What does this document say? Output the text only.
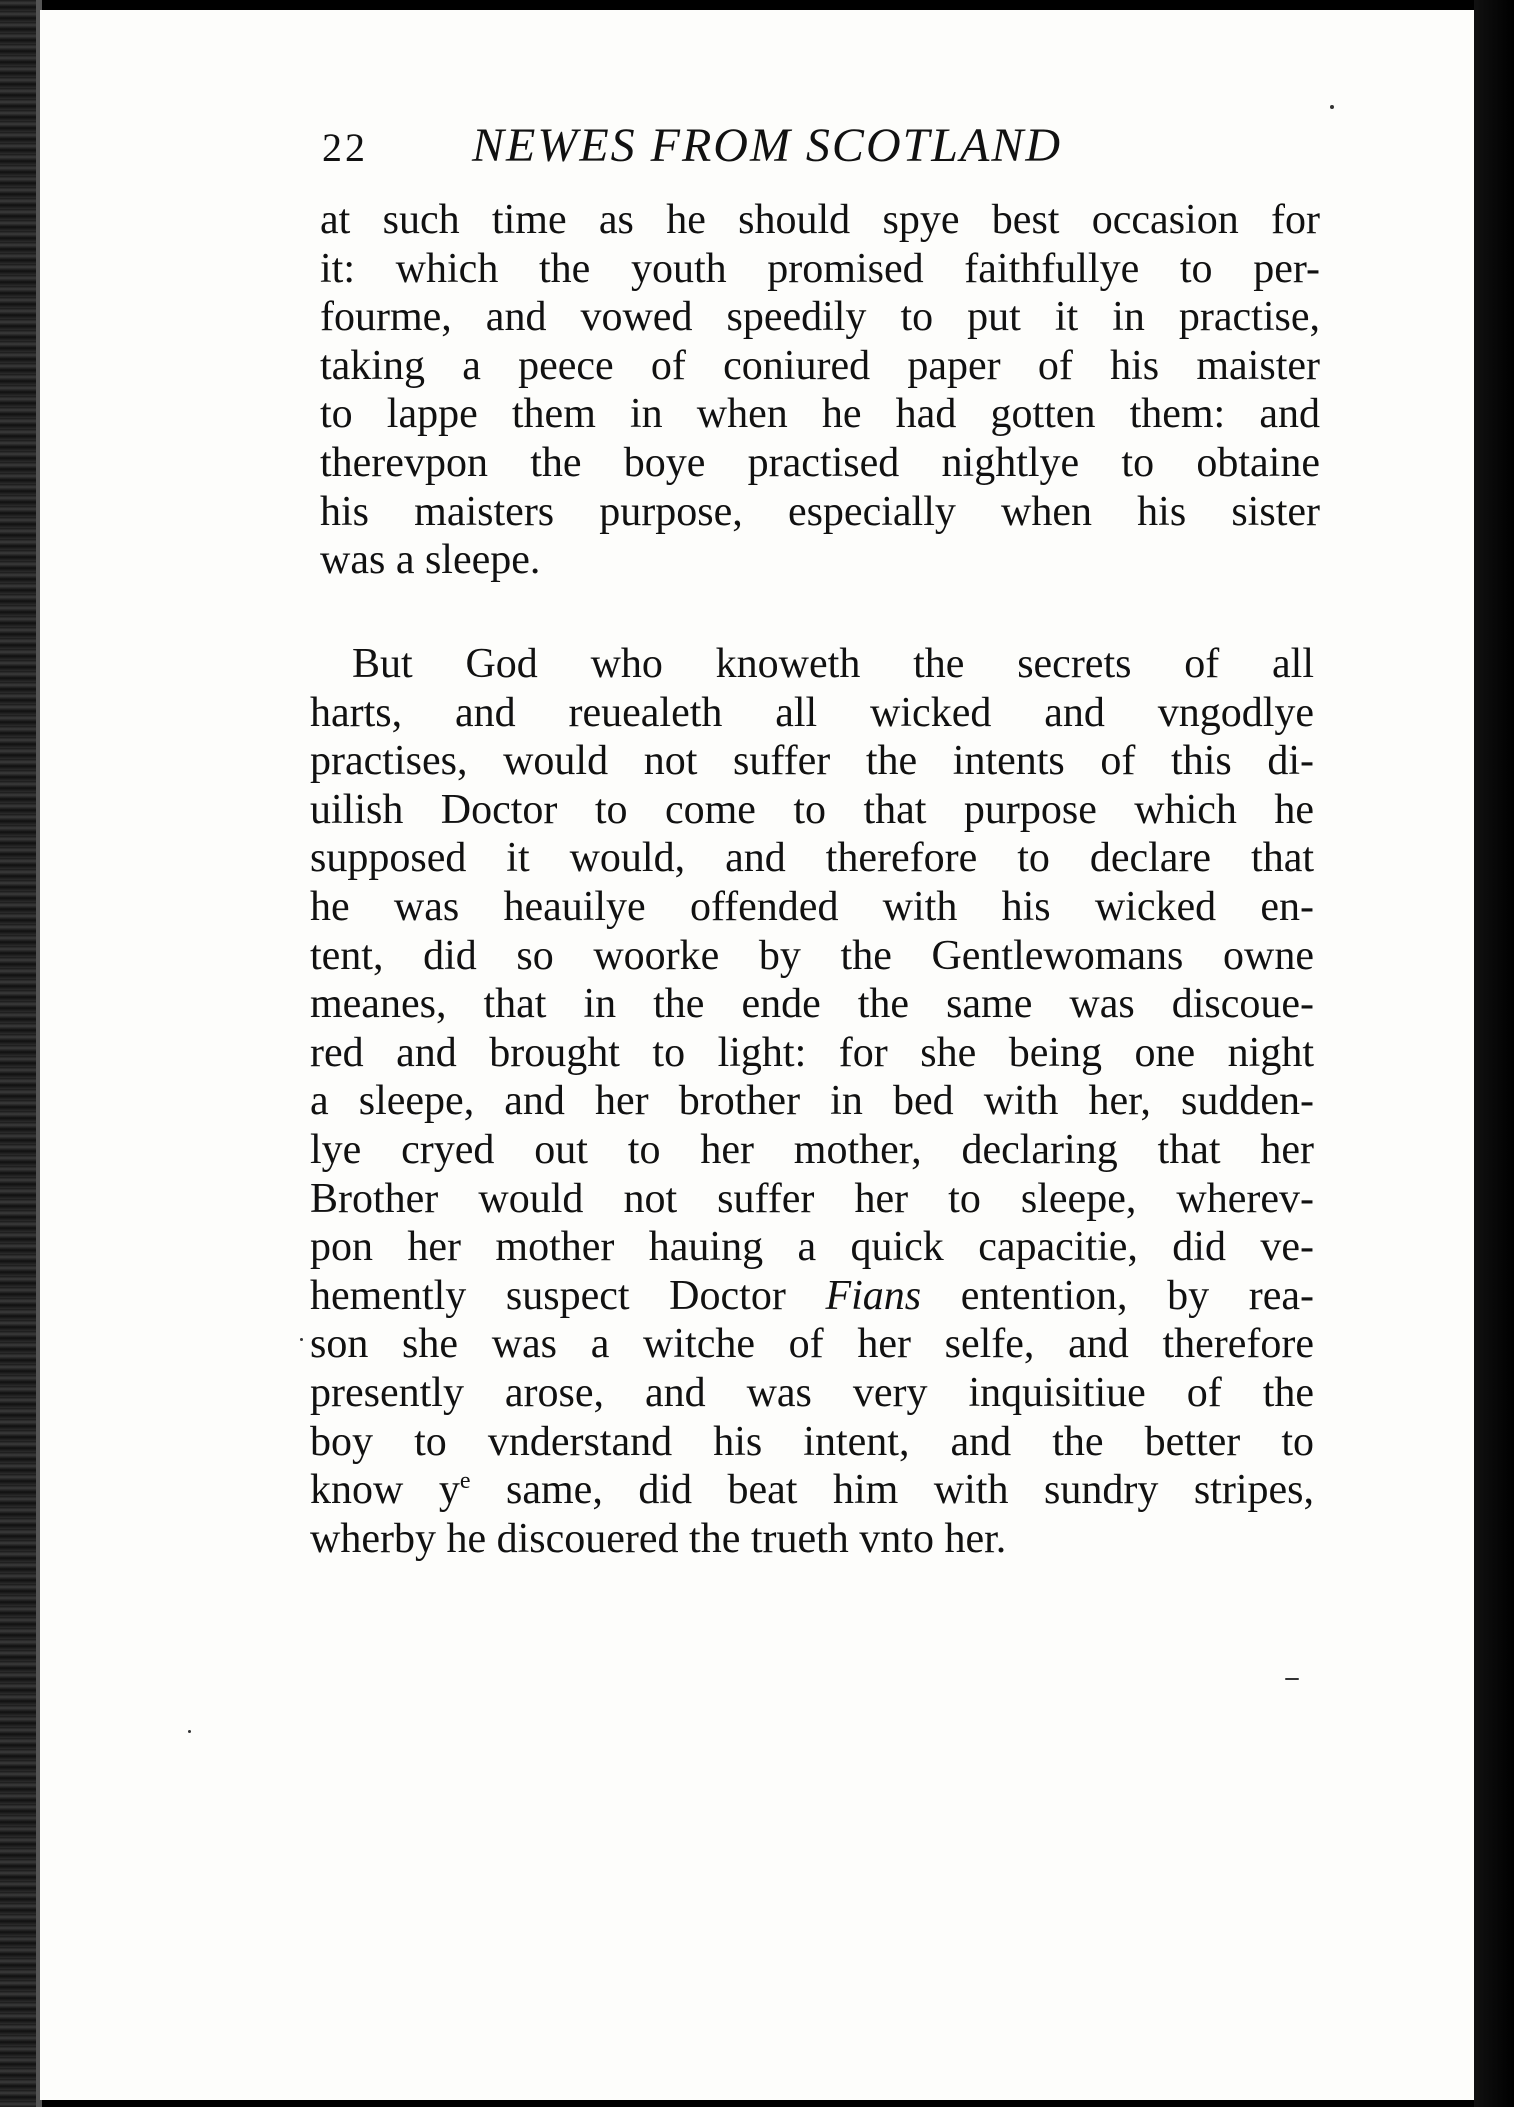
22 NEWES FROM SCOTLAND
at such time as he should spye best occasion for
it: which the youth promised faithfullye to per-
fourme, and vowed speedily to put it in practise,
taking a peece of coniured paper of his maister
to lappe them in when he had gotten them: and
therevpon the boye practised nightlye to obtaine
his maisters purpose, especially when his sister
was a sleepe.
But God who knoweth the secrets of all
harts, and reuealeth all wicked and vngodlye
practises, would not suffer the intents of this di-
uilish Doctor to come to that purpose which he
supposed it would, and therefore to declare that
he was heauilye offended with his wicked en-
tent, did so woorke by the Gentlewomans owne
meanes, that in the ende the same was discoue-
red and brought to light: for she being one night
a sleepe, and her brother in bed with her, sudden-
lye cryed out to her mother, declaring that her
Brother would not suffer her to sleepe, wherev-
pon her mother hauing a quick capacitie, did ve-
hemently suspect Doctor Fians entention, by rea-
son she was a witche of her selfe, and therefore
presently arose, and was very inquisitiue of the
boy to vnderstand his intent, and the better to
know $y^e$ same, did beat him with sundry stripes,
wherby he discouered the trueth vnto her.
